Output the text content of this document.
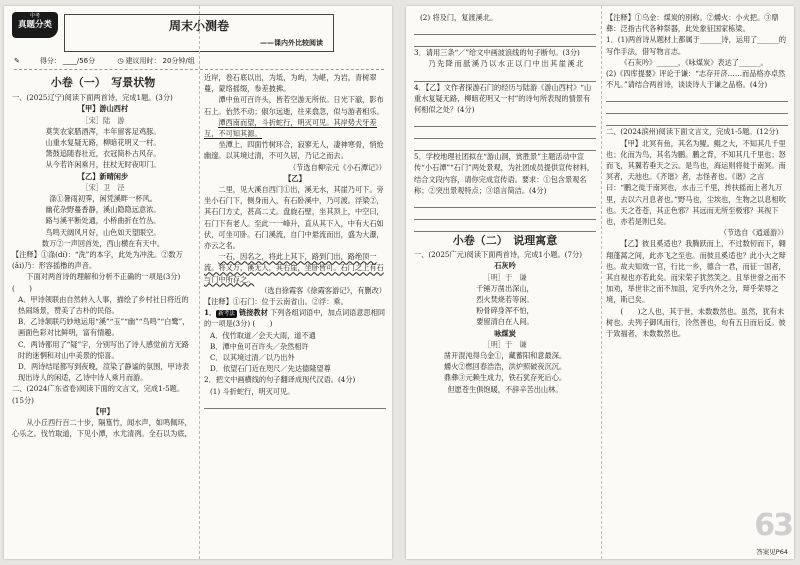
中考
真题分类	周末小测卷
——课内外比较阅读
✎	得分： ____/56分	◷ 建议用时： 20分钟/组
小卷（一）　写景状物

一、(2025辽宁)阅读下面两首诗，完成1题。(3分)

【甲】游山西村
［宋］陆　游
莫笑农家腊酒浑，丰年留客足鸡豚。
山重水复疑无路，柳暗花明又一村。
箫鼓追随春社近，衣冠简朴古风存。
从今若许闲乘月，拄杖无时夜叩门。
【乙】新晴闲步
［宋］卫　泾
涤①暑雨初霁，闲凭溪畔一杯风。
幽花杂野蔓香静，溪山隐隐远意浓。
路与溪平断处通，小桥曲折在竹丛。
鸟鸣天阔风月好，山色如天望眼空。
数万②一声回首处，西山横在有天中。

【注释】①涤(dí)：“洗”的本字，此处为冲洗。②数万(ǎi)乃：形容摇橹的声音。

下面对两首诗的理解和分析不正确的一项是(3分) (　　)

A．甲诗领联由自然转入人事，描绘了乡村社日将近的热闹场景，赞美了古朴的民俗。

B．乙诗颔联巧妙地运用“溪”“玉”“幽”“鸟鸣”“白鹭”，画面色彩对比鲜明，富有情趣。

C．两诗都用了“疑”字，分别写出了诗人感觉前方无路时的迷惘和对山中美景的惊喜。

D．两诗结尾都写到夜晚，渲染了静谧的氛围，甲诗表现出诗人的闲适，乙诗中诗人乘月而游。

二、(2024广东省卷)阅读下面的文言文，完成1-5题。(15分)

【甲】

从小丘西行百二十步，隔篁竹，闻水声，如鸣佩环，心乐之。伐竹取道，下见小潭，水尤清冽。全石以为底，

近岸，卷石底以出，为坻，为屿，为嵁，为岩。青树翠蔓，蒙络摇缀，参差披拂。

潭中鱼可百许头，皆若空游无所依。日光下澈，影布石上。佁然不动；俶尔远逝，往来翕忽，似与游者相乐。

潭西南而望，斗折蛇行，明灭可见。其岸势犬牙差互，不可知其源。

坐潭上，四面竹树环合，寂寥无人，凄神寒骨，悄怆幽邃。以其境过清，不可久居，乃记之而去。

（节选自柳宗元《小石潭记》）

【乙】

二里，见大溪自西门①出，溪无水，其崖乃可下。旁坐小石门下，侧身而入，有石卧溪中，乃可渡。浮梁②，其石门方丈，甚高二丈。盘旋石壁，坐其顶上，中空曰，石门下有老人。至此一一峰升，直从其下入，中有大石如伏，可坐可卧。石门溪流，自门中悬流而出，盛为大瀑，亦云之名。

一石，因名之，将此上其下，路到门出，路绝顶一流。将又万，溪无人，其右崖，坐卧皆可。石门之上有石与门中所存之。

（选自徐霞客《徐霞客游记》，有删改）

【注释】①石门：位于云南省山。②浮：乘。

1． 新考法 链接教材 下列各组词语中，加点词语意思相同的一项是(3分) (　　)

A．伐竹取道／会天大雨，道不通

B．潭中鱼可百许头／杂然相许

C．以其境过清／以乃出外

D．依望石门近在咫尺／先达德隆望尊

2．把文中画横线的句子翻译成现代汉语。(4分)

(1) 斗折蛇行，明灭可见。

(2) 将及门，复渡溪北。

3．请用三条“／”给文中画波浪线的句子断句。(3分)

乃先降而舐溪乃以水正以门中出其崖溪北

4．【乙】文作者探游石门的经历与陆游《游山西村》“山重水复疑无路，柳暗花明又一村”的诗句所表现的情景有何相似之处？(4分)

5．学校地理社团拟在“游山洞，赏胜景”主题活动中宣传“小石潭”“石门”两处景观，为社团成员提供宣传材料，结合文段内容，请你完成宣传语。要求：①包含景观名称；②突出景观特点；③语言简洁。(4分)

小卷（二）　说理寓意

一、(2025广元)阅读下面两首诗，完成1小题。(7分)

石灰吟
［明］于　谦
千锤万凿出深山，
烈火焚烧若等闲。
粉骨碎身浑不怕，
要留清白在人间。
咏煤炭
［明］于　谦
凿开混沌得乌金①，藏蓄阳和意最深。
爝火②燃回春浩浩，洪炉照破夜沉沉。
鼎彝③元赖生成力，铁石犹存死后心。
但愿苍生俱饱暖，不辞辛苦出山林。

【注释】①乌金：煤炭的别称。②爝火：小火把。③鼎彝：泛指古代各种祭器，此处象征国家栋梁。

1．(1)两首诗从题材上都属于______诗，运用了______的写作手法，借写物言志。

《石灰吟》______，《咏煤炭》表达了______。

(2)《四库提要》评论于谦：“志存开济……而品格亦卓然不凡。”请结合两首诗，谈谈诗人于谦之品格。(4分)

二、(2024滨州)阅读下面文言文，完成1-5题。(12分)

【甲】北冥有鱼，其名为鲲。鲲之大，不知其几千里也；化而为鸟，其名为鹏。鹏之背，不知其几千里也；怒而飞，其翼若垂天之云。是鸟也，海运则将徙于南冥。南冥者，天池也。《齐谐》者，志怪者也。《谐》之言曰：“鹏之徙于南冥也，水击三千里，抟扶摇而上者九万里，去以六月息者也。”野马也，尘埃也，生物之以息相吹也。天之苍苍，其正色邪？其远而无所至极邪？其视下也，亦若是则已矣。

（节选自《逍遥游》）

【乙】彼且奚适也？我腾跃而上，不过数仞而下，翱翔蓬蒿之间，此亦飞之至也。而彼且奚适也？此小大之辩也。故夫知效一官，行比一乡，德合一君，而征一国者，其自视也亦若此矣。而宋荣子犹然笑之。且举世誉之而不加劝，举世非之而不加沮，定乎内外之分，辩乎荣辱之境，斯已矣。

(　　)之人也，其于世，未数数然也。虽然，犹有未树也。夫列子御风而行，泠然善也，旬有五日而后反。彼于致福者，未数数然也。

63
答案见P64
